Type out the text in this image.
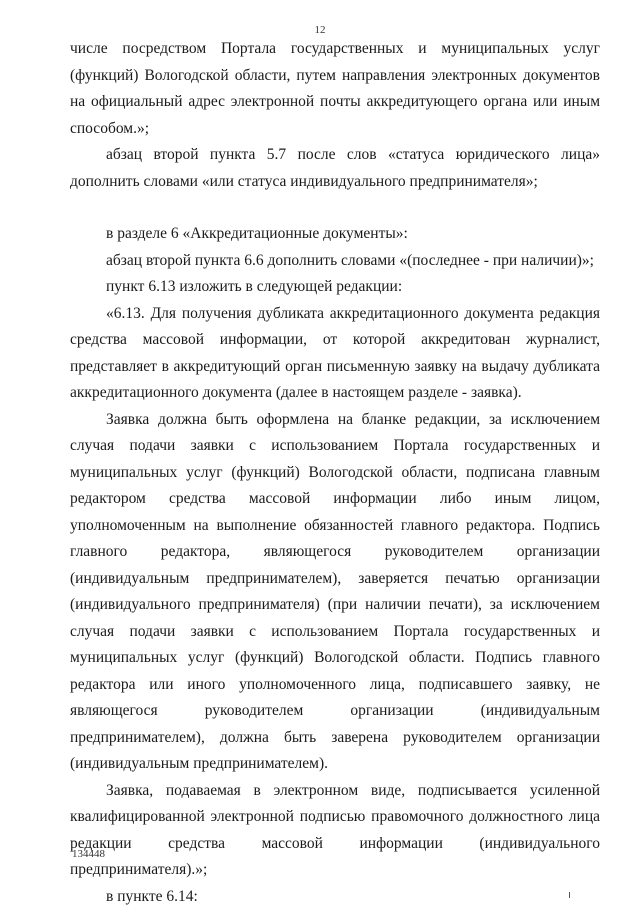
12

числе посредством Портала государственных и муниципальных услуг (функций) Вологодской области, путем направления электронных документов на официальный адрес электронной почты аккредитующего органа или иным способом.»;

абзац второй пункта 5.7 после слов «статуса юридического лица» дополнить словами «или статуса индивидуального предпринимателя»;

в разделе 6 «Аккредитационные документы»:

абзац второй пункта 6.6 дополнить словами «(последнее - при наличии)»;

пункт 6.13 изложить в следующей редакции:

«6.13. Для получения дубликата аккредитационного документа редакция средства массовой информации, от которой аккредитован журналист, представляет в аккредитующий орган письменную заявку на выдачу дубликата аккредитационного документа (далее в настоящем разделе - заявка).

Заявка должна быть оформлена на бланке редакции, за исключением случая подачи заявки с использованием Портала государственных и муниципальных услуг (функций) Вологодской области, подписана главным редактором средства массовой информации либо иным лицом, уполномоченным на выполнение обязанностей главного редактора. Подпись главного редактора, являющегося руководителем организации (индивидуальным предпринимателем), заверяется печатью организации (индивидуального предпринимателя) (при наличии печати), за исключением случая подачи заявки с использованием Портала государственных и муниципальных услуг (функций) Вологодской области. Подпись главного редактора или иного уполномоченного лица, подписавшего заявку, не являющегося руководителем организации (индивидуальным предпринимателем), должна быть заверена руководителем организации (индивидуальным предпринимателем).

Заявка, подаваемая в электронном виде, подписывается усиленной квалифицированной электронной подписью правомочного должностного лица редакции средства массовой информации (индивидуального предпринимателя).»;

в пункте 6.14:

134448
